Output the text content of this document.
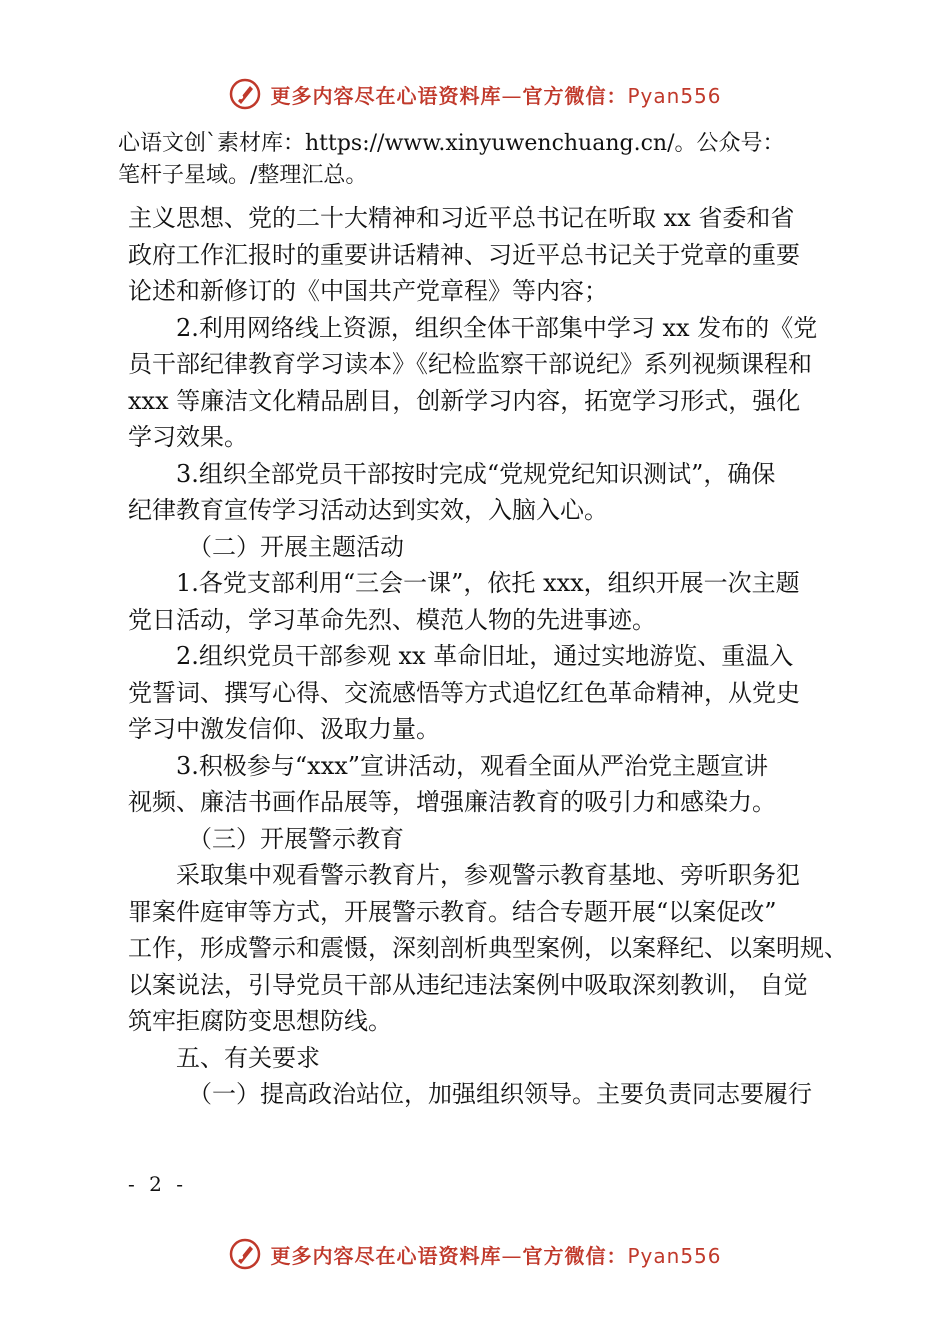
更多内容尽在心语资料库—官方微信：Pyan556
心语文创`素材库：https://www.xinyuwenchuang.cn/。公众号：
笔杆子星域。/整理汇总。
主义思想、党的二十大精神和习近平总书记在听取 xx 省委和省
政府工作汇报时的重要讲话精神、习近平总书记关于党章的重要
论述和新修订的《中国共产党章程》等内容；
2.利用网络线上资源，组织全体干部集中学习 xx 发布的《党
员干部纪律教育学习读本》《纪检监察干部说纪》系列视频课程和
xxx 等廉洁文化精品剧目，创新学习内容，拓宽学习形式，强化
学习效果。
3.组织全部党员干部按时完成“党规党纪知识测试”，确保
纪律教育宣传学习活动达到实效，入脑入心。
（二）开展主题活动
1.各党支部利用“三会一课”，依托 xxx，组织开展一次主题
党日活动，学习革命先烈、模范人物的先进事迹。
2.组织党员干部参观 xx 革命旧址，通过实地游览、重温入
党誓词、撰写心得、交流感悟等方式追忆红色革命精神，从党史
学习中激发信仰、汲取力量。
3.积极参与“xxx”宣讲活动，观看全面从严治党主题宣讲
视频、廉洁书画作品展等，增强廉洁教育的吸引力和感染力。
（三）开展警示教育
采取集中观看警示教育片，参观警示教育基地、旁听职务犯
罪案件庭审等方式，开展警示教育。结合专题开展“以案促改”
工作，形成警示和震慑，深刻剖析典型案例，以案释纪、以案明规、
以案说法，引导党员干部从违纪违法案例中吸取深刻教训， 自觉
筑牢拒腐防变思想防线。
五、有关要求
（一）提高政治站位，加强组织领导。主要负责同志要履行
- 2 -
更多内容尽在心语资料库—官方微信：Pyan556
